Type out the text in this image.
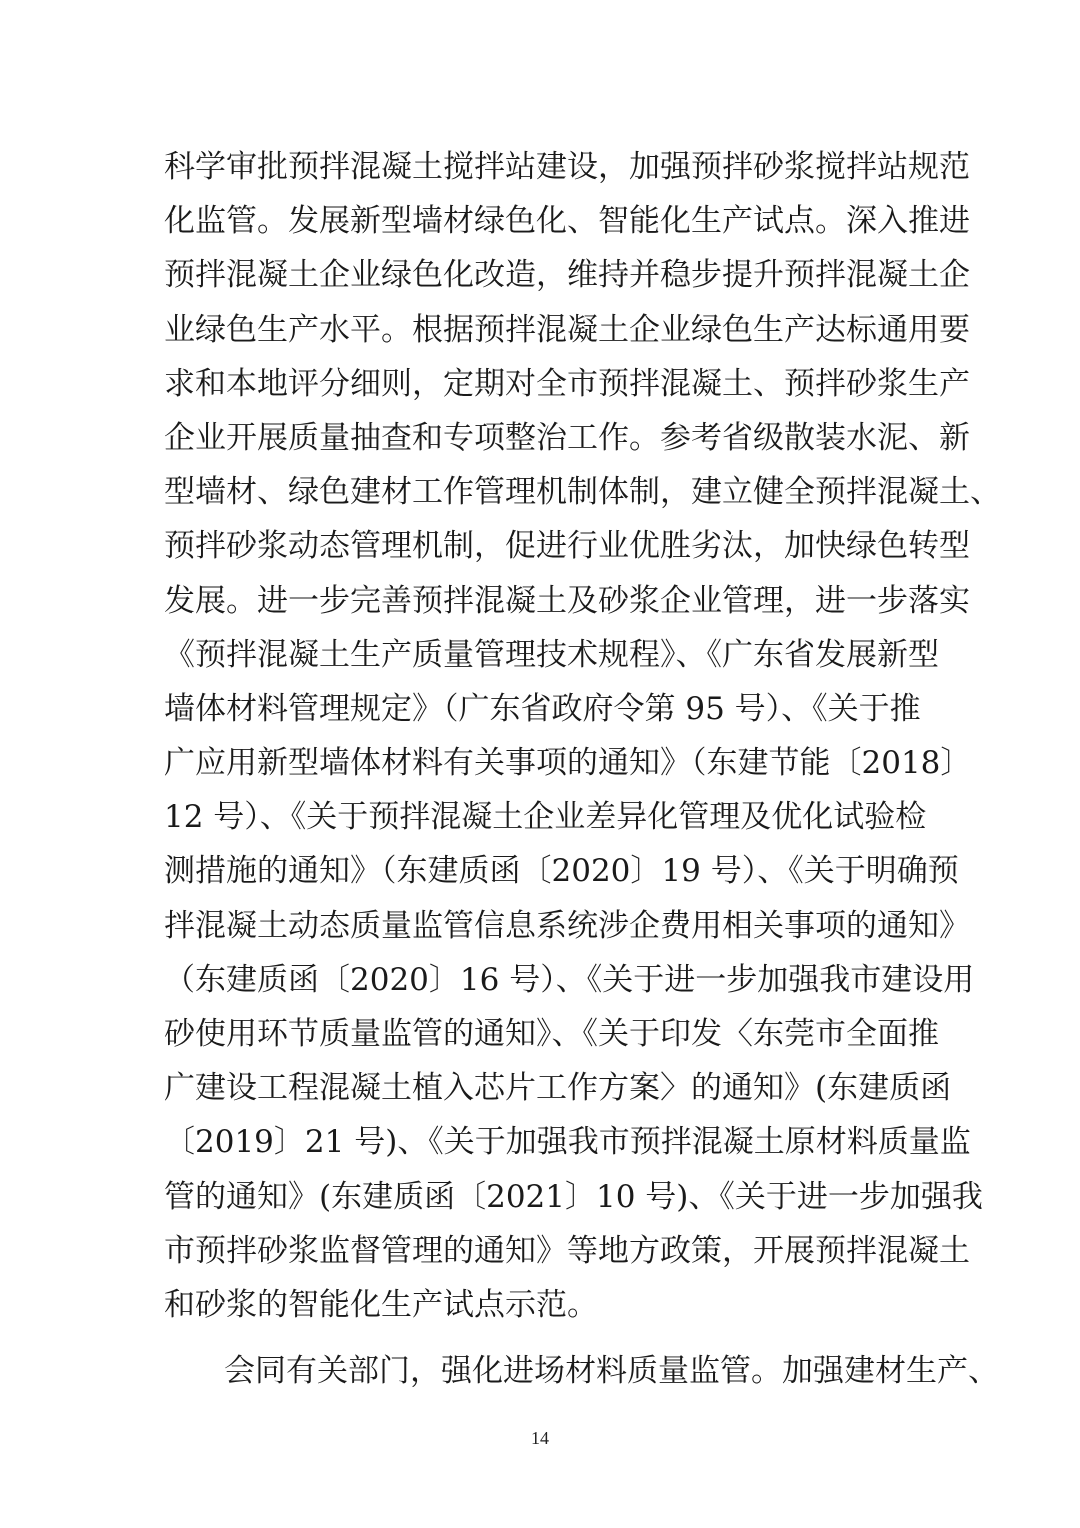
科学审批预拌混凝土搅拌站建设，加强预拌砂浆搅拌站规范
化监管。发展新型墙材绿色化、智能化生产试点。深入推进
预拌混凝土企业绿色化改造，维持并稳步提升预拌混凝土企
业绿色生产水平。根据预拌混凝土企业绿色生产达标通用要
求和本地评分细则，定期对全市预拌混凝土、预拌砂浆生产
企业开展质量抽查和专项整治工作。参考省级散装水泥、新
型墙材、绿色建材工作管理机制体制，建立健全预拌混凝土、
预拌砂浆动态管理机制，促进行业优胜劣汰，加快绿色转型
发展。进一步完善预拌混凝土及砂浆企业管理，进一步落实
《预拌混凝土生产质量管理技术规程》、《广东省发展新型
墙体材料管理规定》（广东省政府令第 95 号）、《关于推
广应用新型墙体材料有关事项的通知》（东建节能〔2018〕
12 号）、《关于预拌混凝土企业差异化管理及优化试验检
测措施的通知》（东建质函〔2020〕19 号）、《关于明确预
拌混凝土动态质量监管信息系统涉企费用相关事项的通知》
（东建质函〔2020〕16 号）、《关于进一步加强我市建设用
砂使用环节质量监管的通知》、《关于印发〈东莞市全面推
广建设工程混凝土植入芯片工作方案〉的通知》(东建质函
〔2019〕21 号)、《关于加强我市预拌混凝土原材料质量监
管的通知》(东建质函〔2021〕10 号)、《关于进一步加强我
市预拌砂浆监督管理的通知》等地方政策，开展预拌混凝土
和砂浆的智能化生产试点示范。
会同有关部门，强化进场材料质量监管。加强建材生产、
14
